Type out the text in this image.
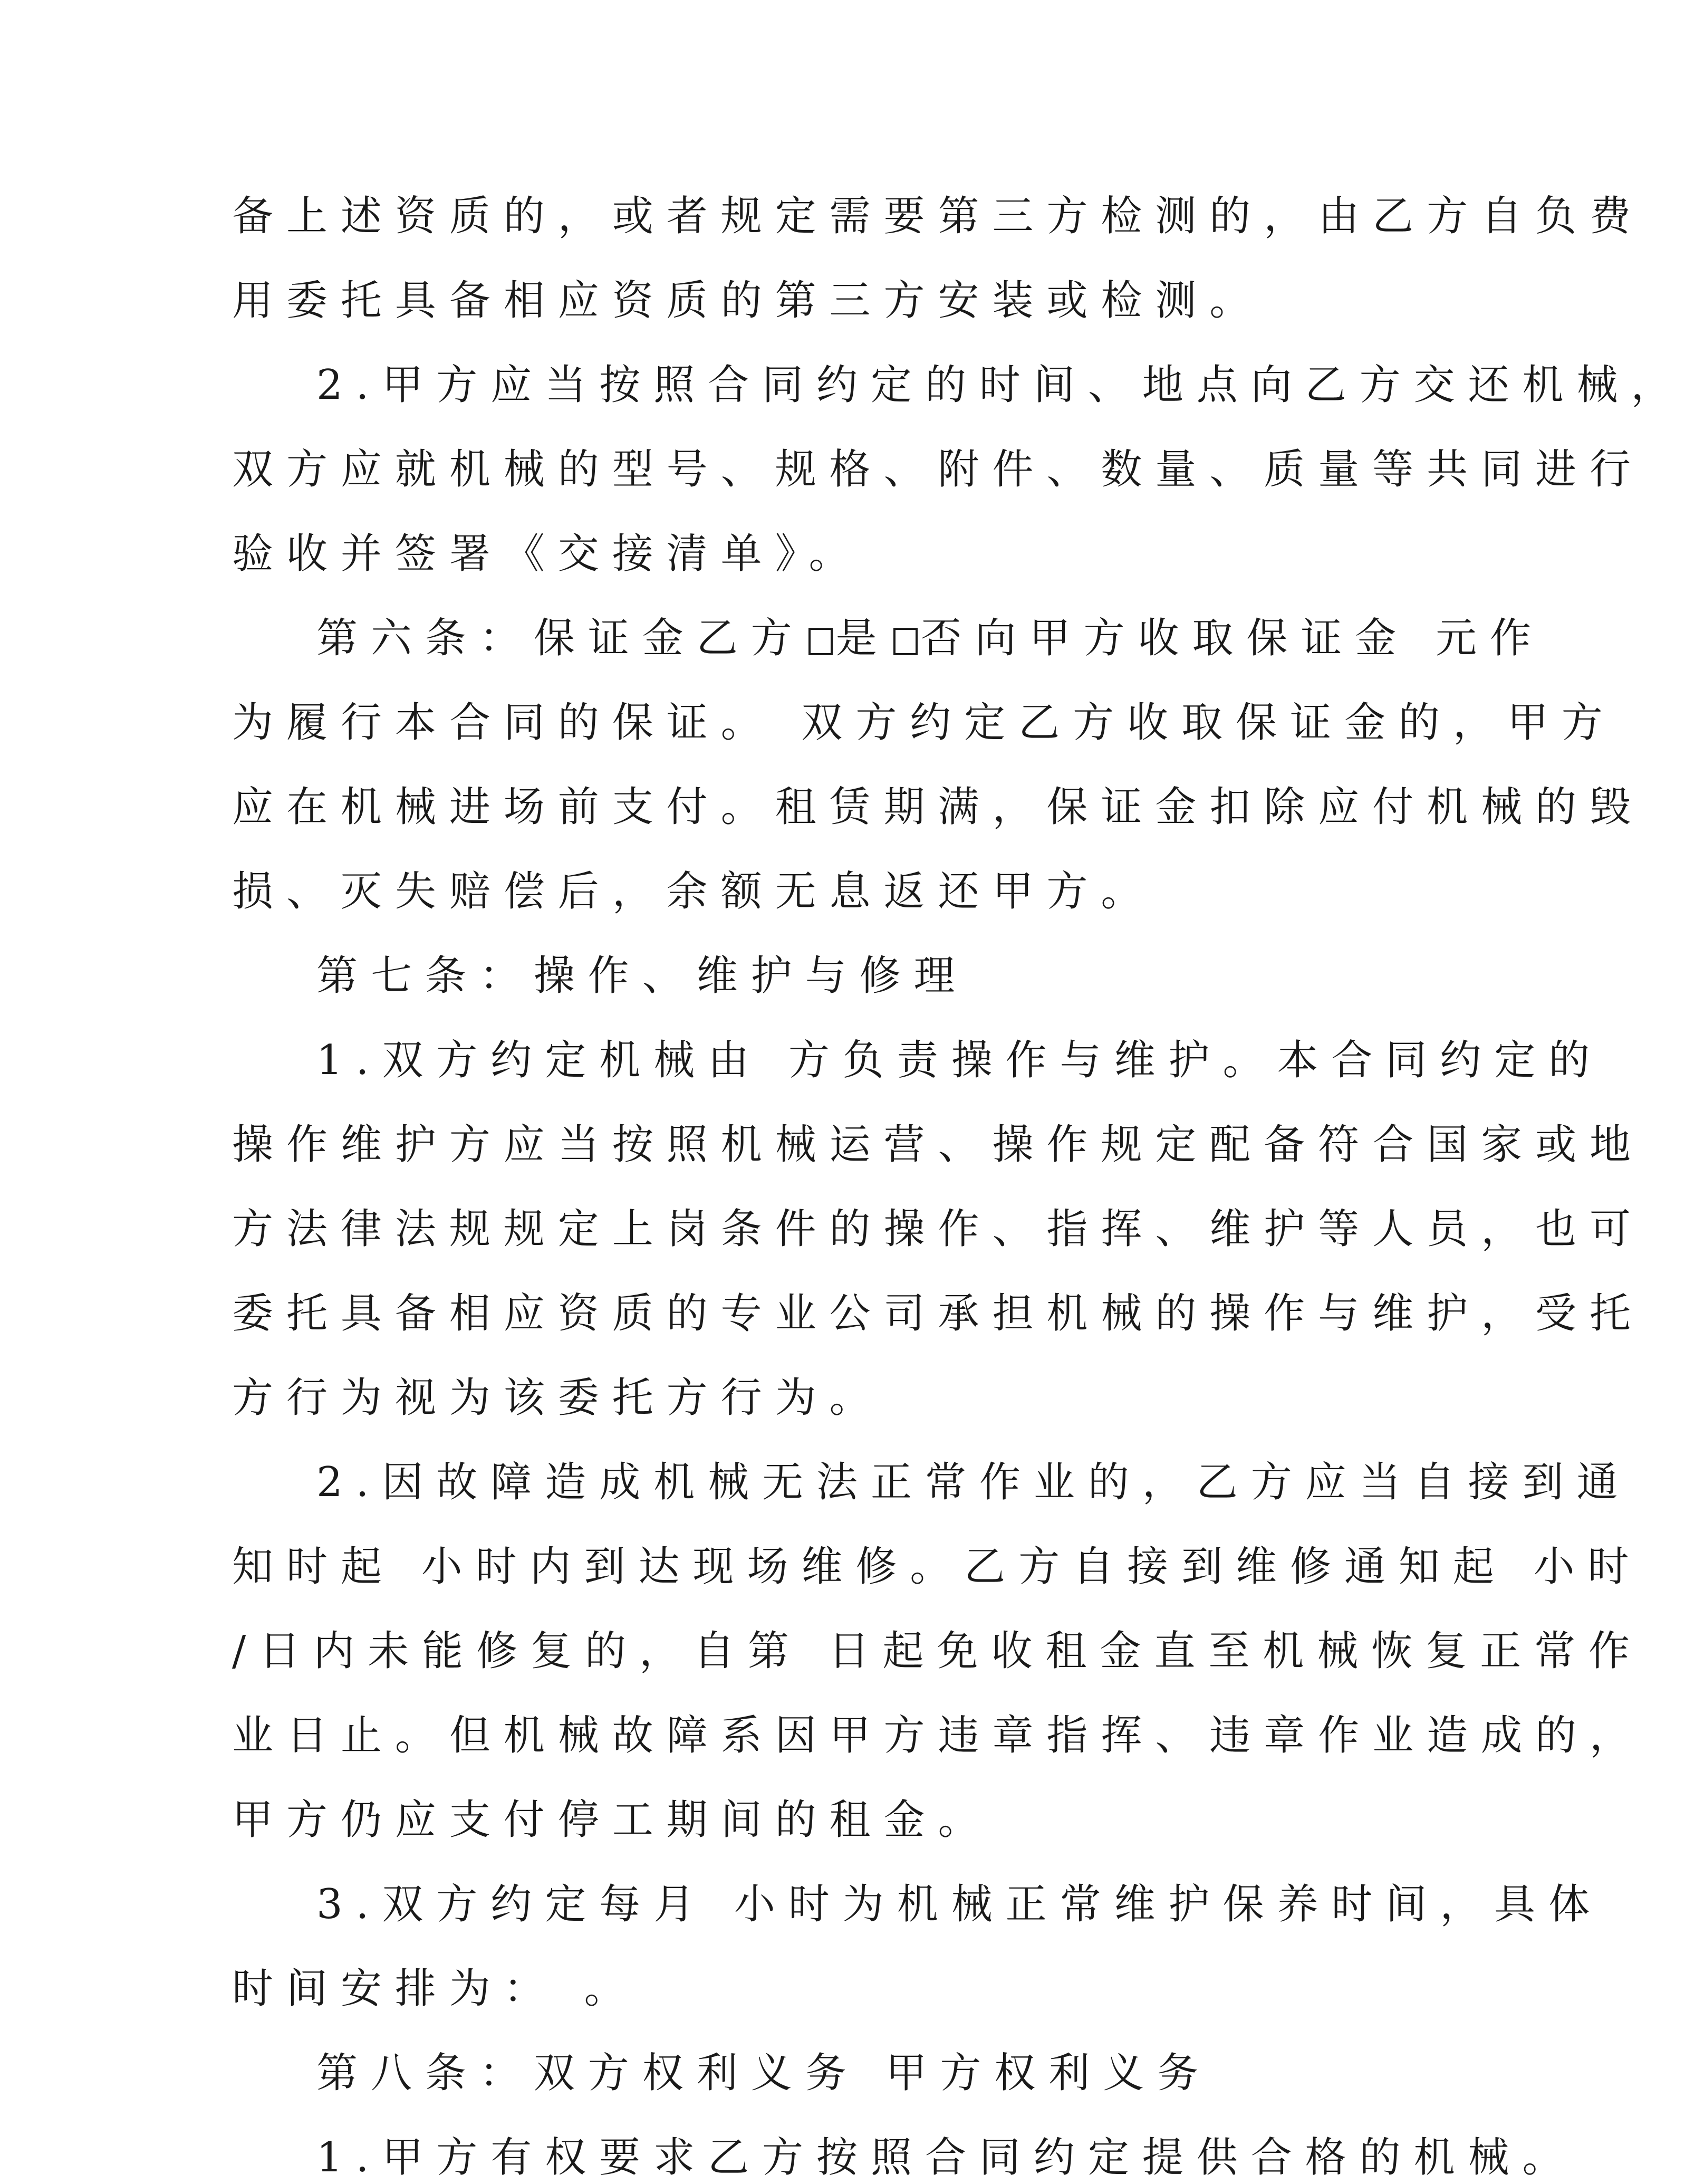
备上述资质的，或者规定需要第三方检测的，由乙方自负费
用委托具备相应资质的第三方安装或检测。
2.甲方应当按照合同约定的时间、地点向乙方交还机械，
双方应就机械的型号、规格、附件、数量、质量等共同进行
验收并签署《交接清单》。
第六条：保证金乙方 是 否向甲方收取保证金 元作
为履行本合同的保证。 双方约定乙方收取保证金的，甲方
应在机械进场前支付。租赁期满，保证金扣除应付机械的毁
损、灭失赔偿后，余额无息返还甲方。
第七条：操作、维护与修理
1.双方约定机械由 方负责操作与维护。本合同约定的
操作维护方应当按照机械运营、操作规定配备符合国家或地
方法律法规规定上岗条件的操作、指挥、维护等人员，也可
委托具备相应资质的专业公司承担机械的操作与维护，受托
方行为视为该委托方行为。
2.因故障造成机械无法正常作业的，乙方应当自接到通
知时起 小时内到达现场维修。乙方自接到维修通知起 小时
/日内未能修复的，自第 日起免收租金直至机械恢复正常作
业日止。但机械故障系因甲方违章指挥、违章作业造成的，
甲方仍应支付停工期间的租金。
3.双方约定每月 小时为机械正常维护保养时间，具体
时间安排为： 。
第八条：双方权利义务 甲方权利义务
1.甲方有权要求乙方按照合同约定提供合格的机械。
